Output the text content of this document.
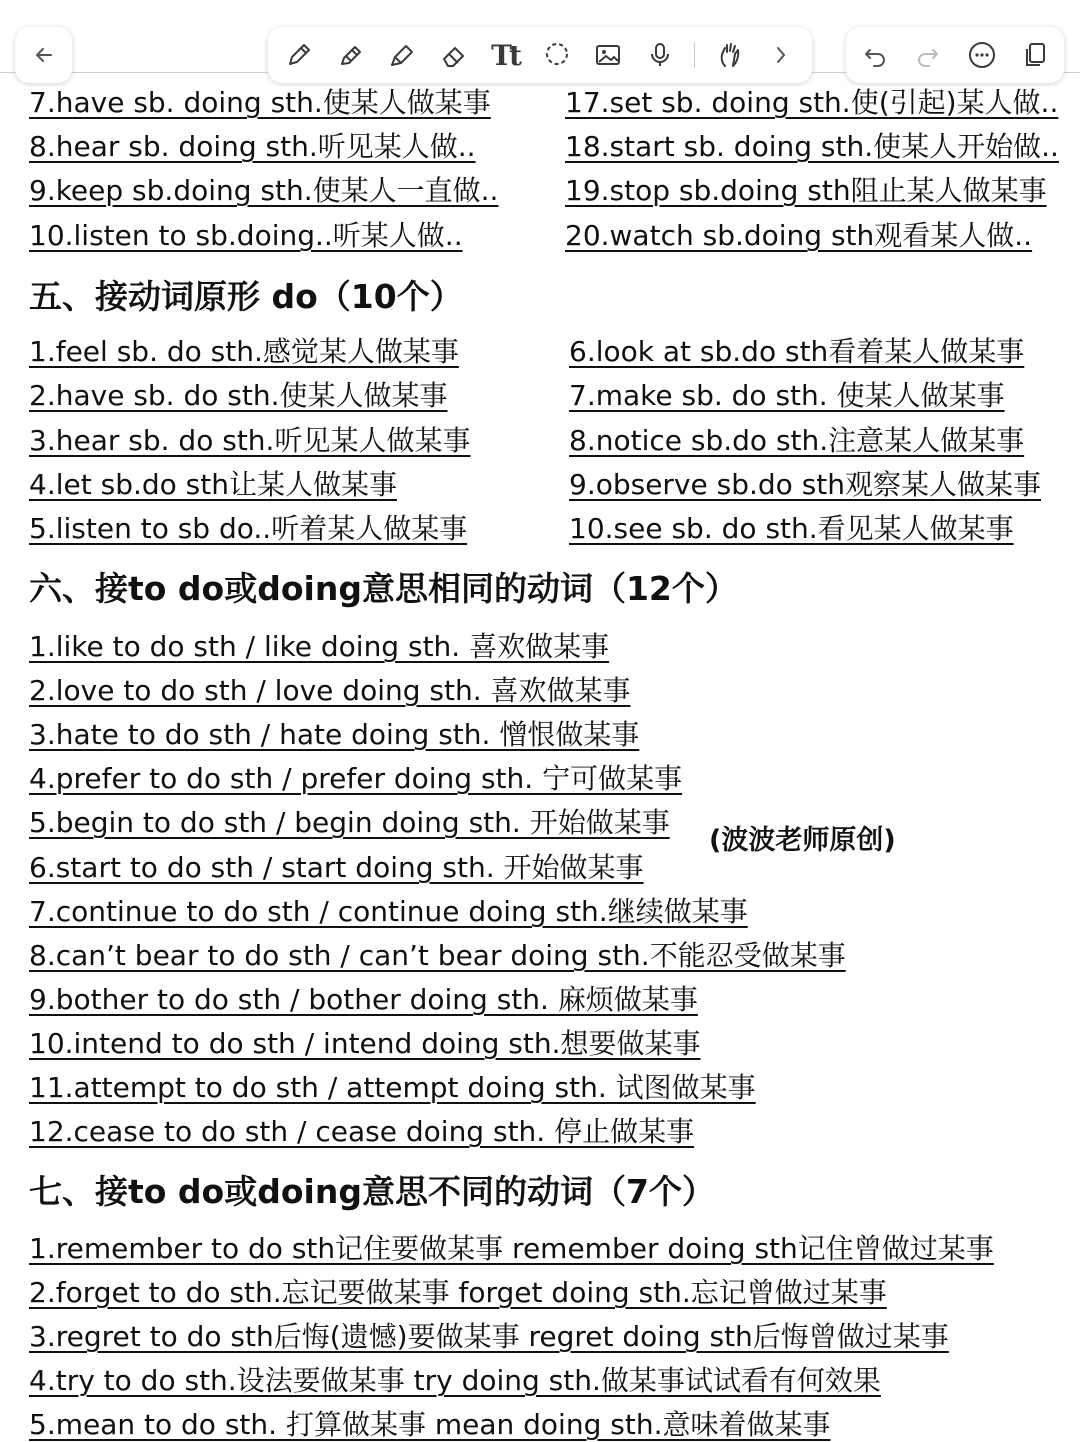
7.have sb. doing sth.使某人做某事
8.hear sb. doing sth.听见某人做..
9.keep sb.doing sth.使某人一直做..
10.listen to sb.doing..听某人做..
17.set sb. doing sth.使(引起)某人做..
18.start sb. doing sth.使某人开始做..
19.stop sb.doing sth阻止某人做某事
20.watch sb.doing sth观看某人做..
五、接动词原形 do（10个）
1.feel sb. do sth.感觉某人做某事
2.have sb. do sth.使某人做某事
3.hear sb. do sth.听见某人做某事
4.let sb.do sth让某人做某事
5.listen to sb do..听着某人做某事
6.look at sb.do sth看着某人做某事
7.make sb. do sth. 使某人做某事
8.notice sb.do sth.注意某人做某事
9.observe sb.do sth观察某人做某事
10.see sb. do sth.看见某人做某事
六、接to do或doing意思相同的动词（12个）
1.like to do sth / like doing sth. 喜欢做某事
2.love to do sth / love doing sth. 喜欢做某事
3.hate to do sth / hate doing sth. 憎恨做某事
4.prefer to do sth / prefer doing sth. 宁可做某事
5.begin to do sth / begin doing sth. 开始做某事
6.start to do sth / start doing sth. 开始做某事
7.continue to do sth / continue doing sth.继续做某事
8.can’t bear to do sth / can’t bear doing sth.不能忍受做某事
9.bother to do sth / bother doing sth. 麻烦做某事
10.intend to do sth / intend doing sth.想要做某事
11.attempt to do sth / attempt doing sth. 试图做某事
12.cease to do sth / cease doing sth. 停止做某事
(波波老师原创)
七、接to do或doing意思不同的动词（7个）
1.remember to do sth记住要做某事 remember doing sth记住曾做过某事
2.forget to do sth.忘记要做某事 forget doing sth.忘记曾做过某事
3.regret to do sth后悔(遗憾)要做某事 regret doing sth后悔曾做过某事
4.try to do sth.设法要做某事 try doing sth.做某事试试看有何效果
5.mean to do sth. 打算做某事 mean doing sth.意味着做某事
Tt
